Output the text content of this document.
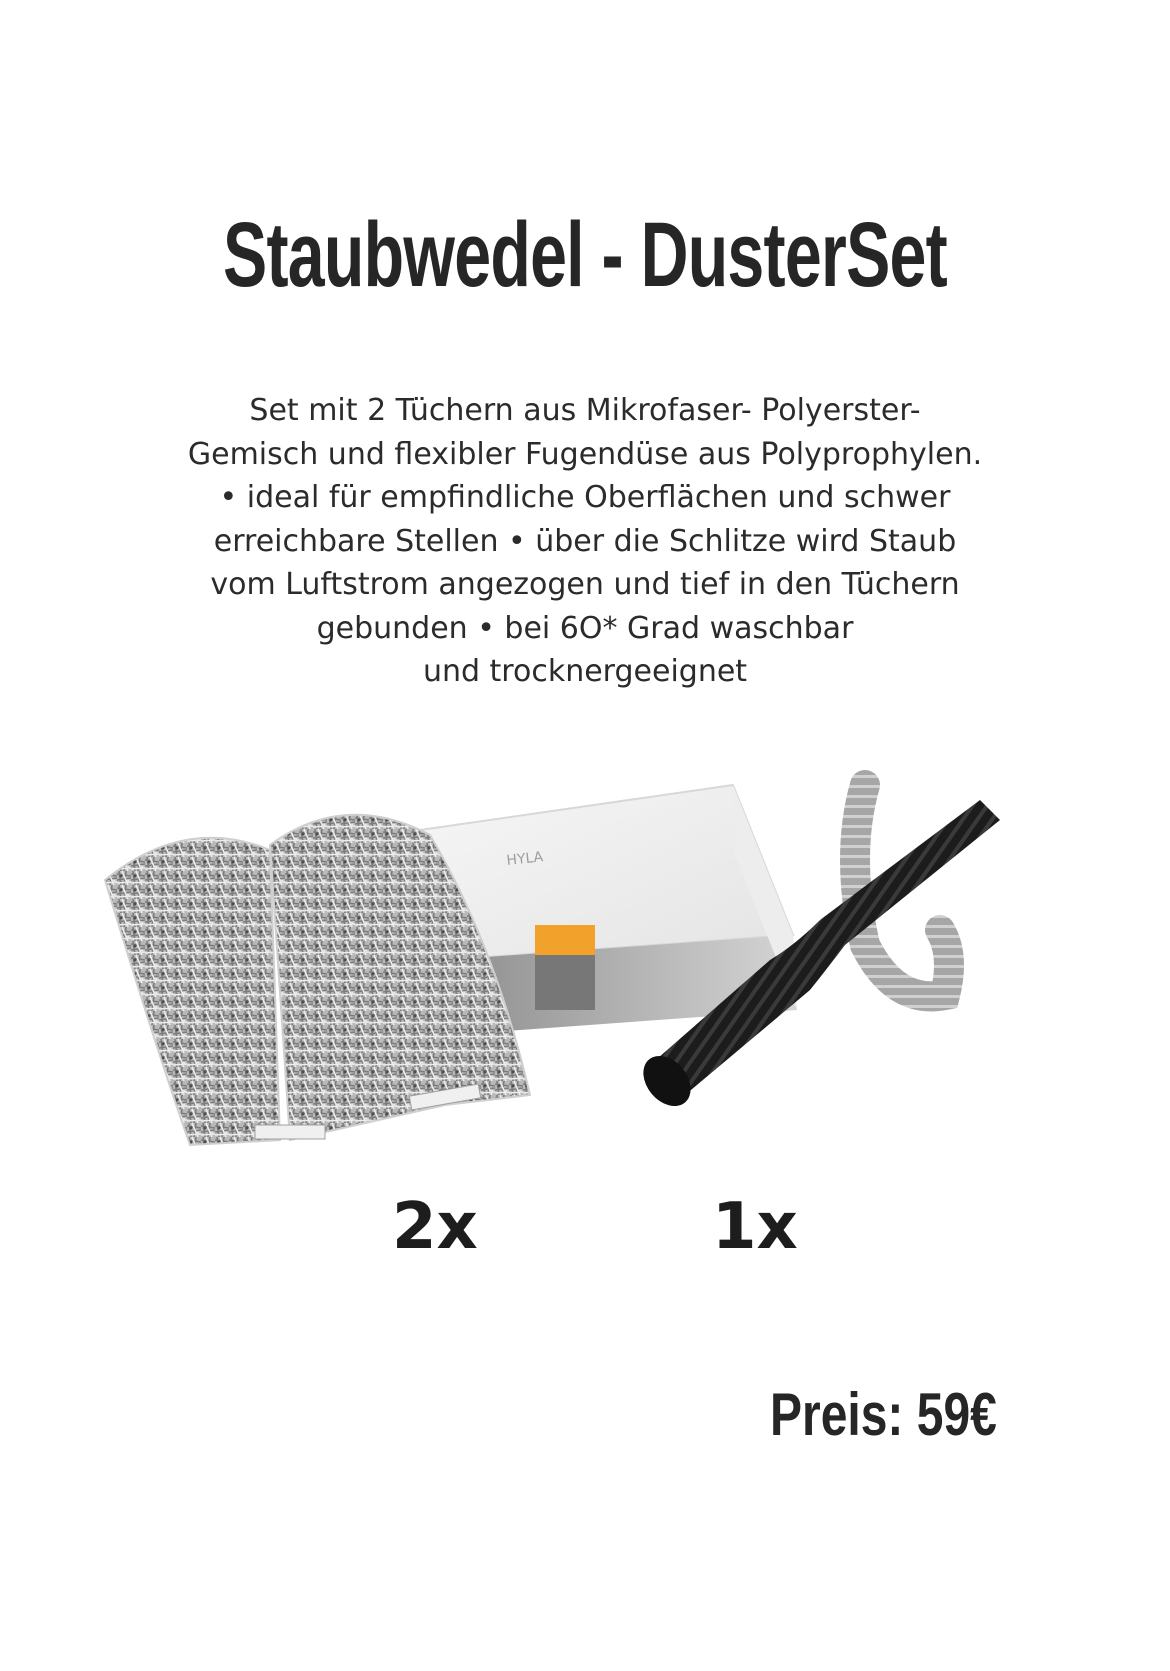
Staubwedel - DusterSet
Set mit 2 Tüchern aus Mikrofaser- Polyerster-
Gemisch und flexibler Fugendüse aus Polyprophylen.
• ideal für empfindliche Oberflächen und schwer
erreichbare Stellen • über die Schlitze wird Staub
vom Luftstrom angezogen und tief in den Tüchern
gebunden • bei 6O* Grad waschbar
und trocknergeeignet
HYLA
2x	1x
Preis: 59€
